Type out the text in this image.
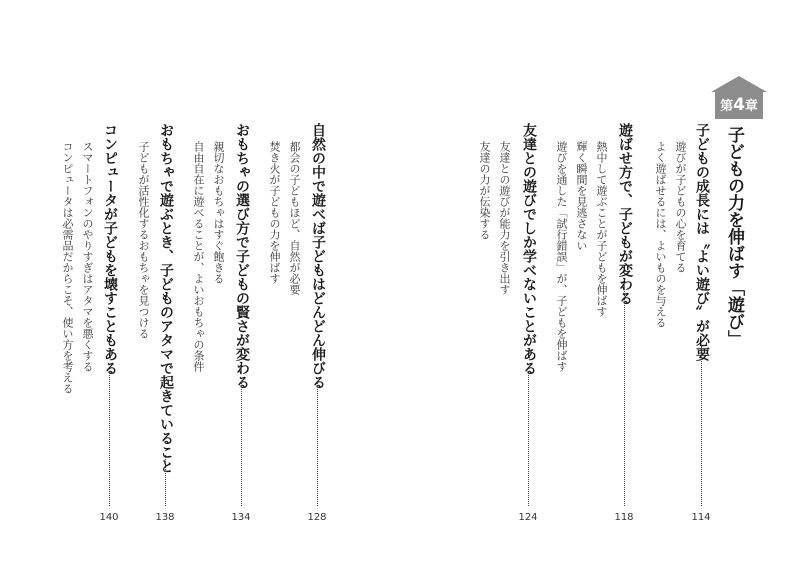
第4章
子どもの力を伸ばす「遊び」
子どもの成長には〝よい遊び〟が必要
114
遊びが子どもの心を育てる
よく遊ばせるには、よいものを与える
遊ばせ方で、子どもが変わる
118
熱中して遊ぶことが子どもを伸ばす
輝く瞬間を見逃さない
遊びを通した「試行錯誤」が、子どもを伸ばす
友達との遊びでしか学べないことがある
124
友達との遊びが能力を引き出す
友達の力が伝染する
自然の中で遊べば子どもはどんどん伸びる
128
都会の子どもほど、自然が必要
焚き火が子どもの力を伸ばす
おもちゃの選び方で子どもの賢さが変わる
134
親切なおもちゃはすぐ飽きる
自由自在に遊べることが、よいおもちゃの条件
おもちゃで遊ぶとき、子どものアタマで起きていること
138
子どもが活性化するおもちゃを見つける
コンピュータが子どもを壊すこともある
140
スマートフォンのやりすぎはアタマを悪くする
コンピュータは必需品だからこそ、使い方を考える
